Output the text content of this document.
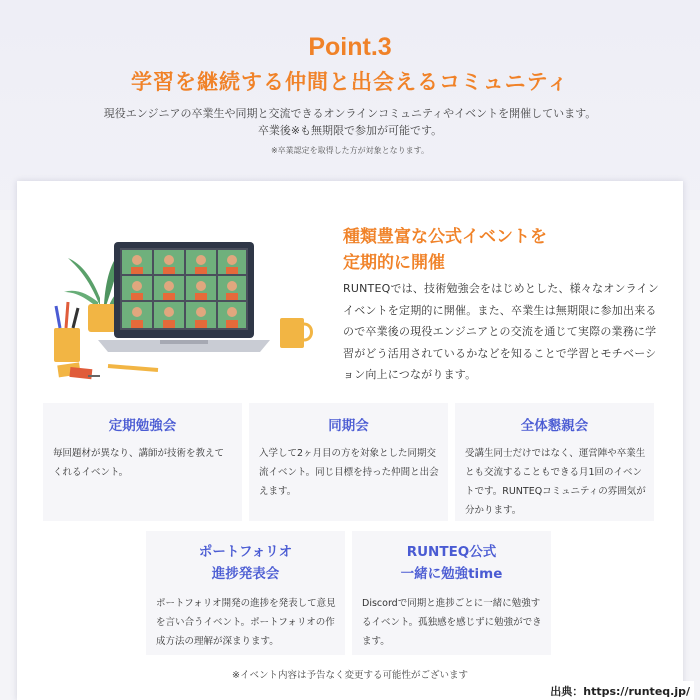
Point.3
学習を継続する仲間と出会えるコミュニティ
現役エンジニアの卒業生や同期と交流できるオンラインコミュニティやイベントを開催しています。
卒業後※も無期限で参加が可能です。
※卒業認定を取得した方が対象となります。
種類豊富な公式イベントを
定期的に開催
RUNTEQでは、技術勉強会をはじめとした、様々なオンラインイベントを定期的に開催。また、卒業生は無期限に参加出来るので卒業後の現役エンジニアとの交流を通じて実際の業務に学習がどう活用されているかなどを知ることで学習とモチベーション向上につながります。
定期勉強会

毎回題材が異なり、講師が技術を教えてくれるイベント。

同期会

入学して2ヶ月目の方を対象とした同期交流イベント。同じ目標を持った仲間と出会えます。

全体懇親会

受講生同士だけではなく、運営陣や卒業生とも交流することもできる月1回のイベントです。RUNTEQコミュニティの雰囲気が分かります。

ポートフォリオ
進捗発表会

ポートフォリオ開発の進捗を発表して意見を言い合うイベント。ポートフォリオの作成方法の理解が深まります。

RUNTEQ公式
一緒に勉強time

Discordで同期と進捗ごとに一緒に勉強するイベント。孤独感を感じずに勉強ができます。

※イベント内容は予告なく変更する可能性がございます
出典：https://runteq.jp/
